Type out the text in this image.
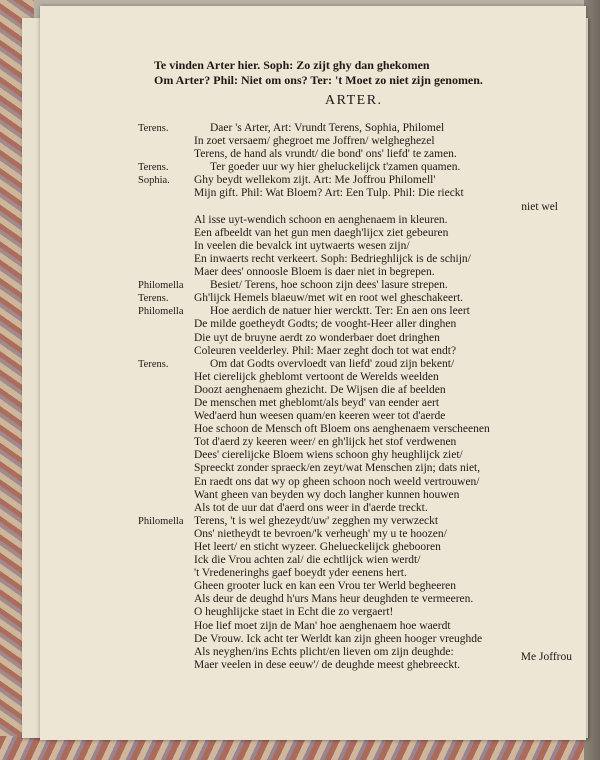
Te vinden Arter hier. Soph: Zo zijt ghy dan ghekomen
Om Arter? Phil: Niet om ons? Ter: 't Moet zo niet zijn genomen.
ARTER.
Terens.	Daer 's Arter, Art: Vrundt Terens, Sophia, Philomel
In zoet versaem/ ghegroet me Joffren/ welgheghezel
Terens, de hand als vrundt/ die bond' ons' liefd' te zamen.
Terens.	Ter goeder uur wy hier gheluckelijck t'zamen quamen.
Sophia. Ghy beydt wellekom zijt. Art: Me Joffrou Philomell'
Mijn gift. Phil: Wat Bloem? Art: Een Tulp. Phil: Die rieckt
niet wel
Al isse uyt-wendich schoon en aenghenaem in kleuren.
Een afbeeldt van het gun men daegh'lijcx ziet gebeuren
In veelen die bevalck int uytwaerts wesen zijn/
En inwaerts recht verkeert. Soph: Bedrieghlijck is de schijn/
Maer dees' onnoosle Bloem is daer niet in begrepen.
Philomella Besiet/ Terens, hoe schoon zijn dees' lasure strepen.
Terens. Gh'lijck Hemels blaeuw/met wit en root wel gheschakeert.
Philomella Hoe aerdich de natuer hier wercktt. Ter: En aen ons leert
De milde goetheydt Godts; de vooght-Heer aller dinghen
Die uyt de bruyne aerdt zo wonderbaer doet dringhen
Coleuren veelderley. Phil: Maer zeght doch tot wat endt?
Terens.	Om dat Godts overvloedt van liefd' zoud zijn bekent/
Het cierelijck gheblomt vertoont de Werelds weelden
Doozt aenghenaem ghezicht. De Wijsen die af beelden
De menschen met gheblomt/als beyd' van eender aert
Wed'aerd hun weesen quam/en keeren weer tot d'aerde
Hoe schoon de Mensch oft Bloem ons aenghenaem verscheenen
Tot d'aerd zy keeren weer/ en gh'lijck het stof verdwenen
Dees' cierelijcke Bloem wiens schoon ghy heughlijck ziet/
Spreeckt zonder spraeck/en zeyt/wat Menschen zijn; dats niet,
En raedt ons dat wy op gheen schoon noch weeld vertrouwen/
Want gheen van beyden wy doch langher kunnen houwen
Als tot de uur dat d'aerd ons weer in d'aerde treckt.
Philomella Terens, 't is wel ghezeydt/uw' zegghen my verwzeckt
Ons' nietheydt te bevroen/'k verheugh' my u te hoozen/
Het leert/ en sticht wyzeer. Ghelueckelijck ghebooren
Ick die Vrou achten zal/ die echtlijck wien werdt/
't Vredeneringhs gaef boeydt yder eenens hert.
Gheen grooter luck en kan een Vrou ter Werld begheeren
Als deur de deughd h'urs Mans heur deughden te vermeeren.
O heughlijcke staet in Echt die zo vergaert!
Hoe lief moet zijn de Man' hoe aenghenaem hoe waerdt
De Vrouw. Ick acht ter Werldt kan zijn gheen hooger vreughde
Als neyghen/ins Echts plicht/en lieven om zijn deughde:
Maer veelen in dese eeuw'/ de deughde meest ghebreeckt.
Me Joffrou
